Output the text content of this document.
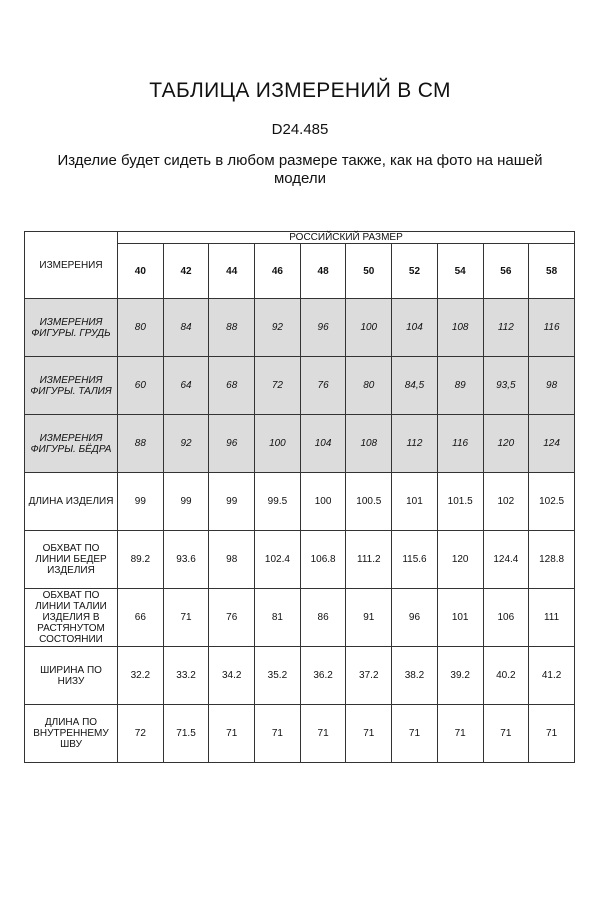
ТАБЛИЦА ИЗМЕРЕНИЙ В СМ
D24.485
Изделие будет сидеть в любом размере также, как на фото на нашей модели
ИЗМЕРЕНИЯ	РОССИЙСКИЙ РАЗМЕР									
	40	42	44	46	48	50	52	54	56	58
ИЗМЕРЕНИЯ ФИГУРЫ. ГРУДЬ	80	84	88	92	96	100	104	108	112	116
ИЗМЕРЕНИЯ ФИГУРЫ. ТАЛИЯ	60	64	68	72	76	80	84,5	89	93,5	98
ИЗМЕРЕНИЯ ФИГУРЫ. БЁДРА	88	92	96	100	104	108	112	116	120	124
ДЛИНА ИЗДЕЛИЯ	99	99	99	99.5	100	100.5	101	101.5	102	102.5
ОБХВАТ ПО ЛИНИИ БЕДЕР ИЗДЕЛИЯ	89.2	93.6	98	102.4	106.8	111.2	115.6	120	124.4	128.8
ОБХВАТ ПО ЛИНИИ ТАЛИИ ИЗДЕЛИЯ В РАСТЯНУТОМ СОСТОЯНИИ	66	71	76	81	86	91	96	101	106	111
ШИРИНА ПО НИЗУ	32.2	33.2	34.2	35.2	36.2	37.2	38.2	39.2	40.2	41.2
ДЛИНА ПО ВНУТРЕННЕМУ ШВУ	72	71.5	71	71	71	71	71	71	71	71
